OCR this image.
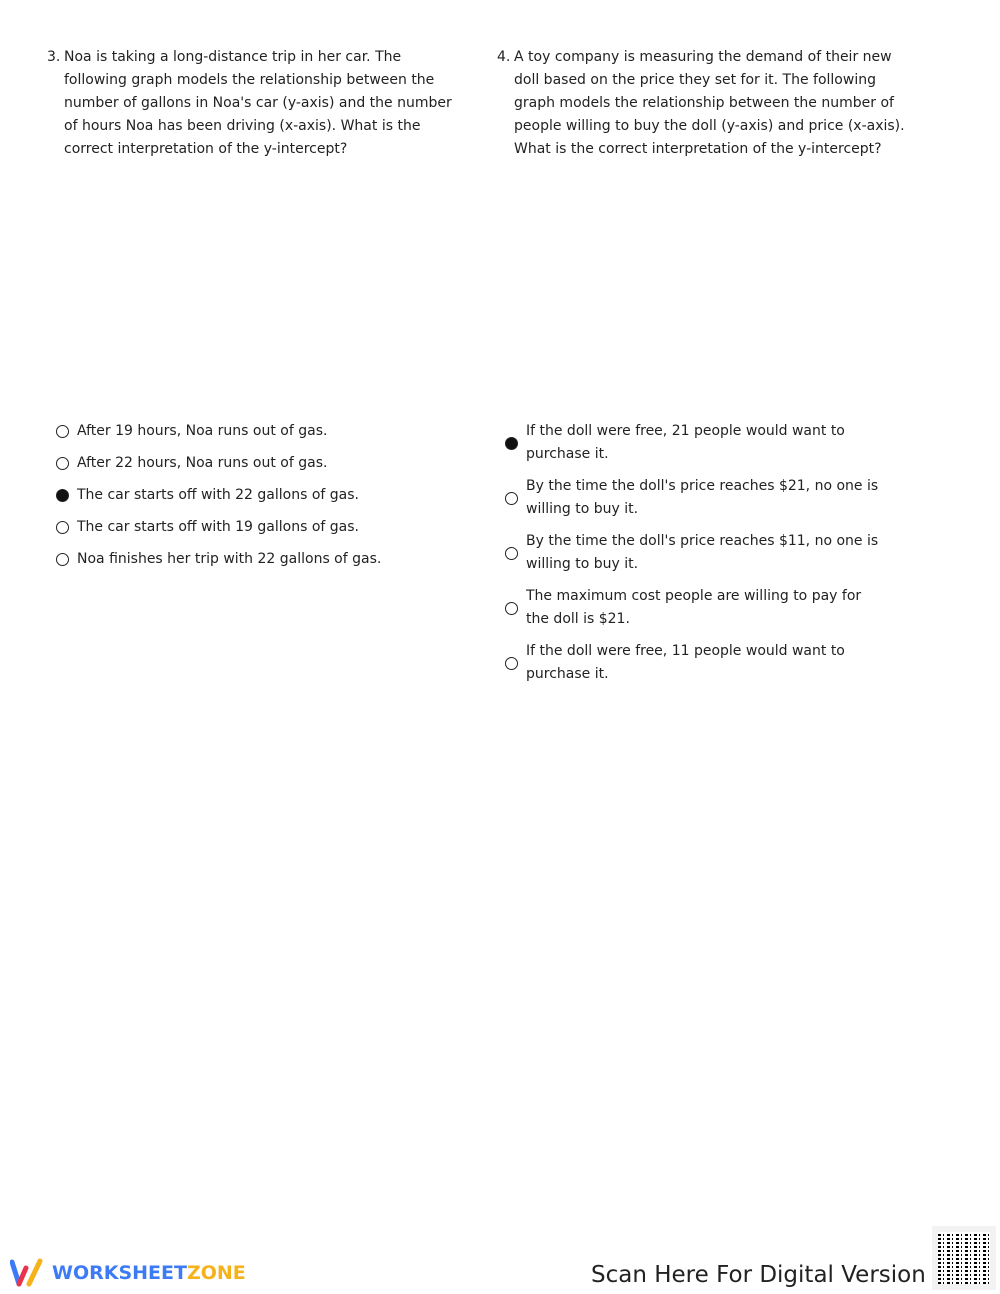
3. Noa is taking a long-distance trip in her car. The following graph models the relationship between the number of gallons in Noa's car (y-axis) and the number of hours Noa has been driving (x-axis). What is the correct interpretation of the y-intercept?
4. A toy company is measuring the demand of their new doll based on the price they set for it. The following graph models the relationship between the number of people willing to buy the doll (y-axis) and price (x-axis). What is the correct interpretation of the y-intercept?
After 19 hours, Noa runs out of gas.
After 22 hours, Noa runs out of gas.
The car starts off with 22 gallons of gas.
The car starts off with 19 gallons of gas.
Noa finishes her trip with 22 gallons of gas.
If the doll were free, 21 people would want to purchase it.
By the time the doll's price reaches $21, no one is willing to buy it.
By the time the doll's price reaches $11, no one is willing to buy it.
The maximum cost people are willing to pay for the doll is $21.
If the doll were free, 11 people would want to purchase it.
WORKSHEET ZONE	Scan Here For Digital Version
